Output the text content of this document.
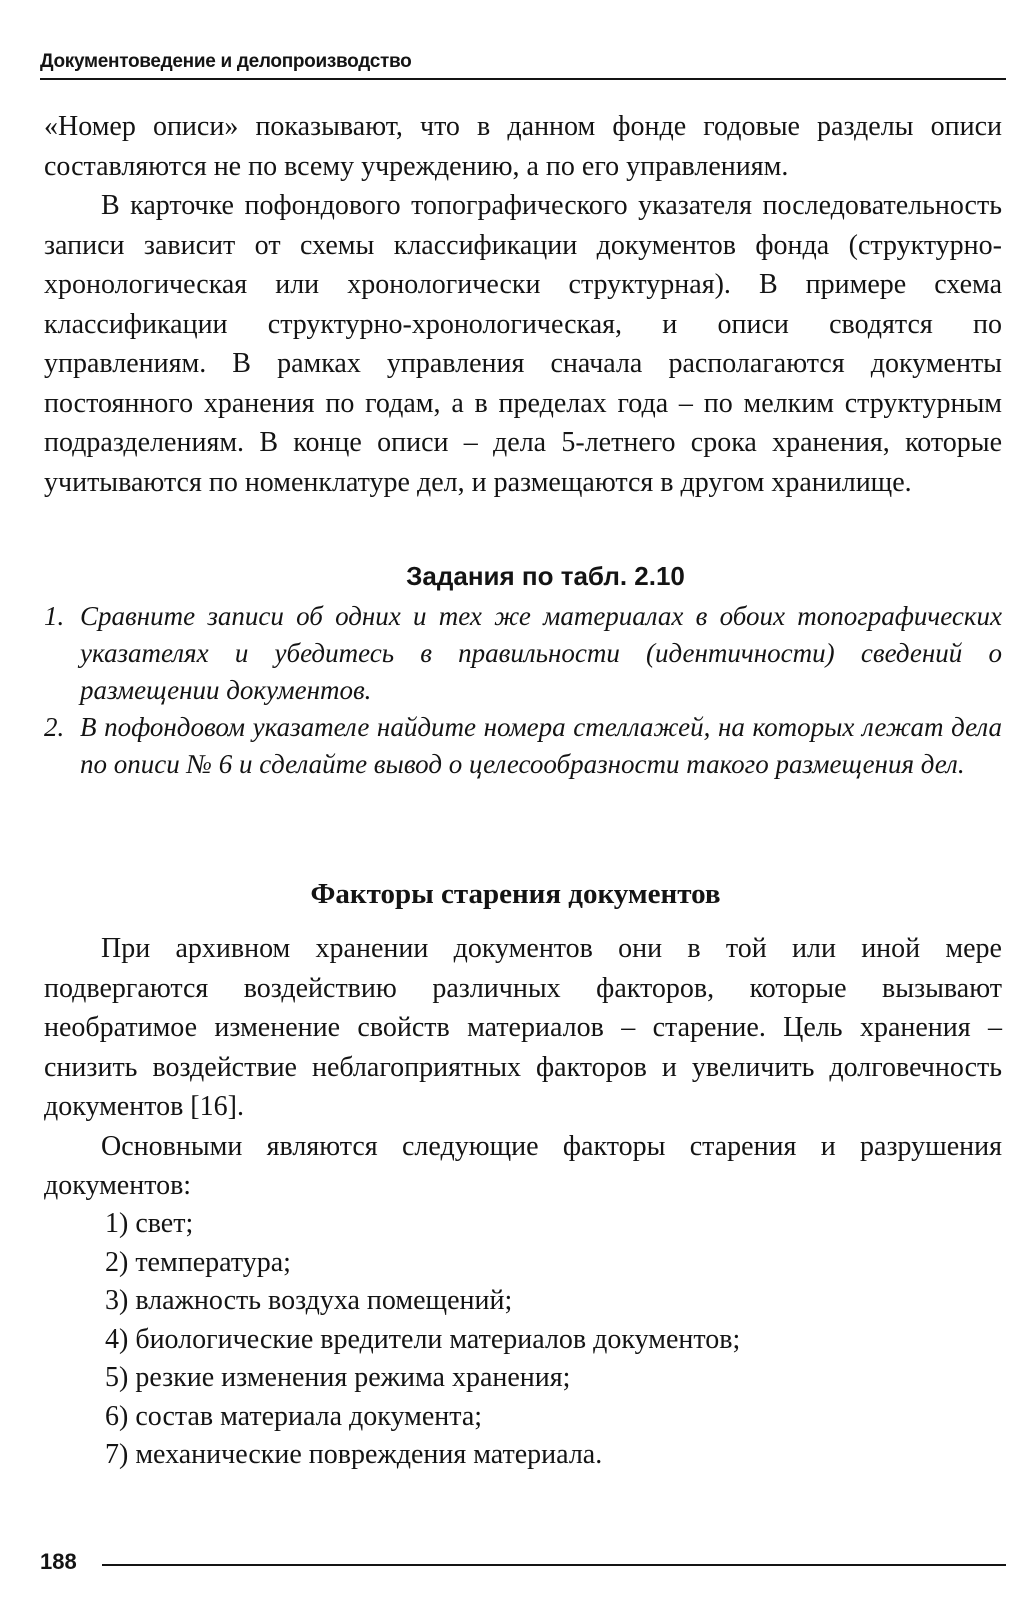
Документоведение и делопроизводство

«Номер описи» показывают, что в данном фонде годовые разделы описи составляются не по всему учреждению, а по его управлениям.

В карточке пофондового топографического указателя последовательность записи зависит от схемы классификации документов фонда (структурно-хронологическая или хронологически структурная). В примере схема классификации структурно-хронологическая, и описи сводятся по управлениям. В рамках управления сначала располагаются документы постоянного хранения по годам, а в пределах года – по мелким структурным подразделениям. В конце описи – дела 5-летнего срока хранения, которые учитываются по номенклатуре дел, и размещаются в другом хранилище.

Задания по табл. 2.10

1. Сравните записи об одних и тех же материалах в обоих топографических указателях и убедитесь в правильности (идентичности) сведений о размещении документов.

2. В пофондовом указателе найдите номера стеллажей, на которых лежат дела по описи № 6 и сделайте вывод о целесообразности такого размещения дел.

Факторы старения документов

При архивном хранении документов они в той или иной мере подвергаются воздействию различных факторов, которые вызывают необратимое изменение свойств материалов – старение. Цель хранения – снизить воздействие неблагоприятных факторов и увеличить долговечность документов [16].

Основными являются следующие факторы старения и разрушения документов:

1) свет;
2) температура;
3) влажность воздуха помещений;
4) биологические вредители материалов документов;
5) резкие изменения режима хранения;
6) состав материала документа;
7) механические повреждения материала.
188
